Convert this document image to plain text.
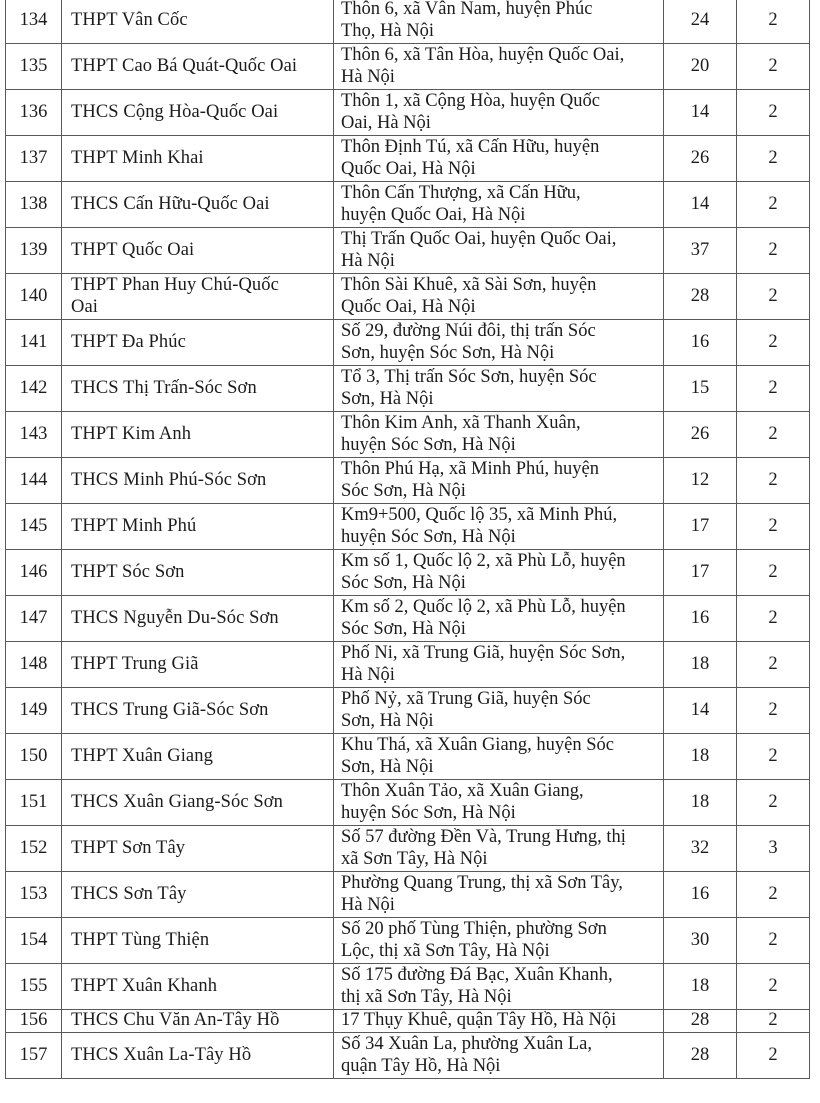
134	THPT Vân Cốc	Thôn 6, xã Vân Nam, huyện Phúc
Thọ, Hà Nội	24	2
135	THPT Cao Bá Quát-Quốc Oai	Thôn 6, xã Tân Hòa, huyện Quốc Oai,
Hà Nội	20	2
136	THCS Cộng Hòa-Quốc Oai	Thôn 1, xã Cộng Hòa, huyện Quốc
Oai, Hà Nội	14	2
137	THPT Minh Khai	Thôn Định Tú, xã Cấn Hữu, huyện
Quốc Oai, Hà Nội	26	2
138	THCS Cấn Hữu-Quốc Oai	Thôn Cấn Thượng, xã Cấn Hữu,
huyện Quốc Oai, Hà Nội	14	2
139	THPT Quốc Oai	Thị Trấn Quốc Oai, huyện Quốc Oai,
Hà Nội	37	2
140	THPT Phan Huy Chú-Quốc
Oai	Thôn Sài Khuê, xã Sài Sơn, huyện
Quốc Oai, Hà Nội	28	2
141	THPT Đa Phúc	Số 29, đường Núi đôi, thị trấn Sóc
Sơn, huyện Sóc Sơn, Hà Nội	16	2
142	THCS Thị Trấn-Sóc Sơn	Tổ 3, Thị trấn Sóc Sơn, huyện Sóc
Sơn, Hà Nội	15	2
143	THPT Kim Anh	Thôn Kim Anh, xã Thanh Xuân,
huyện Sóc Sơn, Hà Nội	26	2
144	THCS Minh Phú-Sóc Sơn	Thôn Phú Hạ, xã Minh Phú, huyện
Sóc Sơn, Hà Nội	12	2
145	THPT Minh Phú	Km9+500, Quốc lộ 35, xã Minh Phú,
huyện Sóc Sơn, Hà Nội	17	2
146	THPT Sóc Sơn	Km số 1, Quốc lộ 2, xã Phù Lỗ, huyện
Sóc Sơn, Hà Nội	17	2
147	THCS Nguyễn Du-Sóc Sơn	Km số 2, Quốc lộ 2, xã Phù Lỗ, huyện
Sóc Sơn, Hà Nội	16	2
148	THPT Trung Giã	Phố Ni, xã Trung Giã, huyện Sóc Sơn,
Hà Nội	18	2
149	THCS Trung Giã-Sóc Sơn	Phố Nỷ, xã Trung Giã, huyện Sóc
Sơn, Hà Nội	14	2
150	THPT Xuân Giang	Khu Thá, xã Xuân Giang, huyện Sóc
Sơn, Hà Nội	18	2
151	THCS Xuân Giang-Sóc Sơn	Thôn Xuân Tảo, xã Xuân Giang,
huyện Sóc Sơn, Hà Nội	18	2
152	THPT Sơn Tây	Số 57 đường Đền Và, Trung Hưng, thị
xã Sơn Tây, Hà Nội	32	3
153	THCS Sơn Tây	Phường Quang Trung, thị xã Sơn Tây,
Hà Nội	16	2
154	THPT Tùng Thiện	Số 20 phố Tùng Thiện, phường Sơn
Lộc, thị xã Sơn Tây, Hà Nội	30	2
155	THPT Xuân Khanh	Số 175 đường Đá Bạc, Xuân Khanh,
thị xã Sơn Tây, Hà Nội	18	2
156	THCS Chu Văn An-Tây Hồ	17 Thụy Khuê, quận Tây Hồ, Hà Nội	28	2
157	THCS Xuân La-Tây Hồ	Số 34 Xuân La, phường Xuân La,
quận Tây Hồ, Hà Nội	28	2
